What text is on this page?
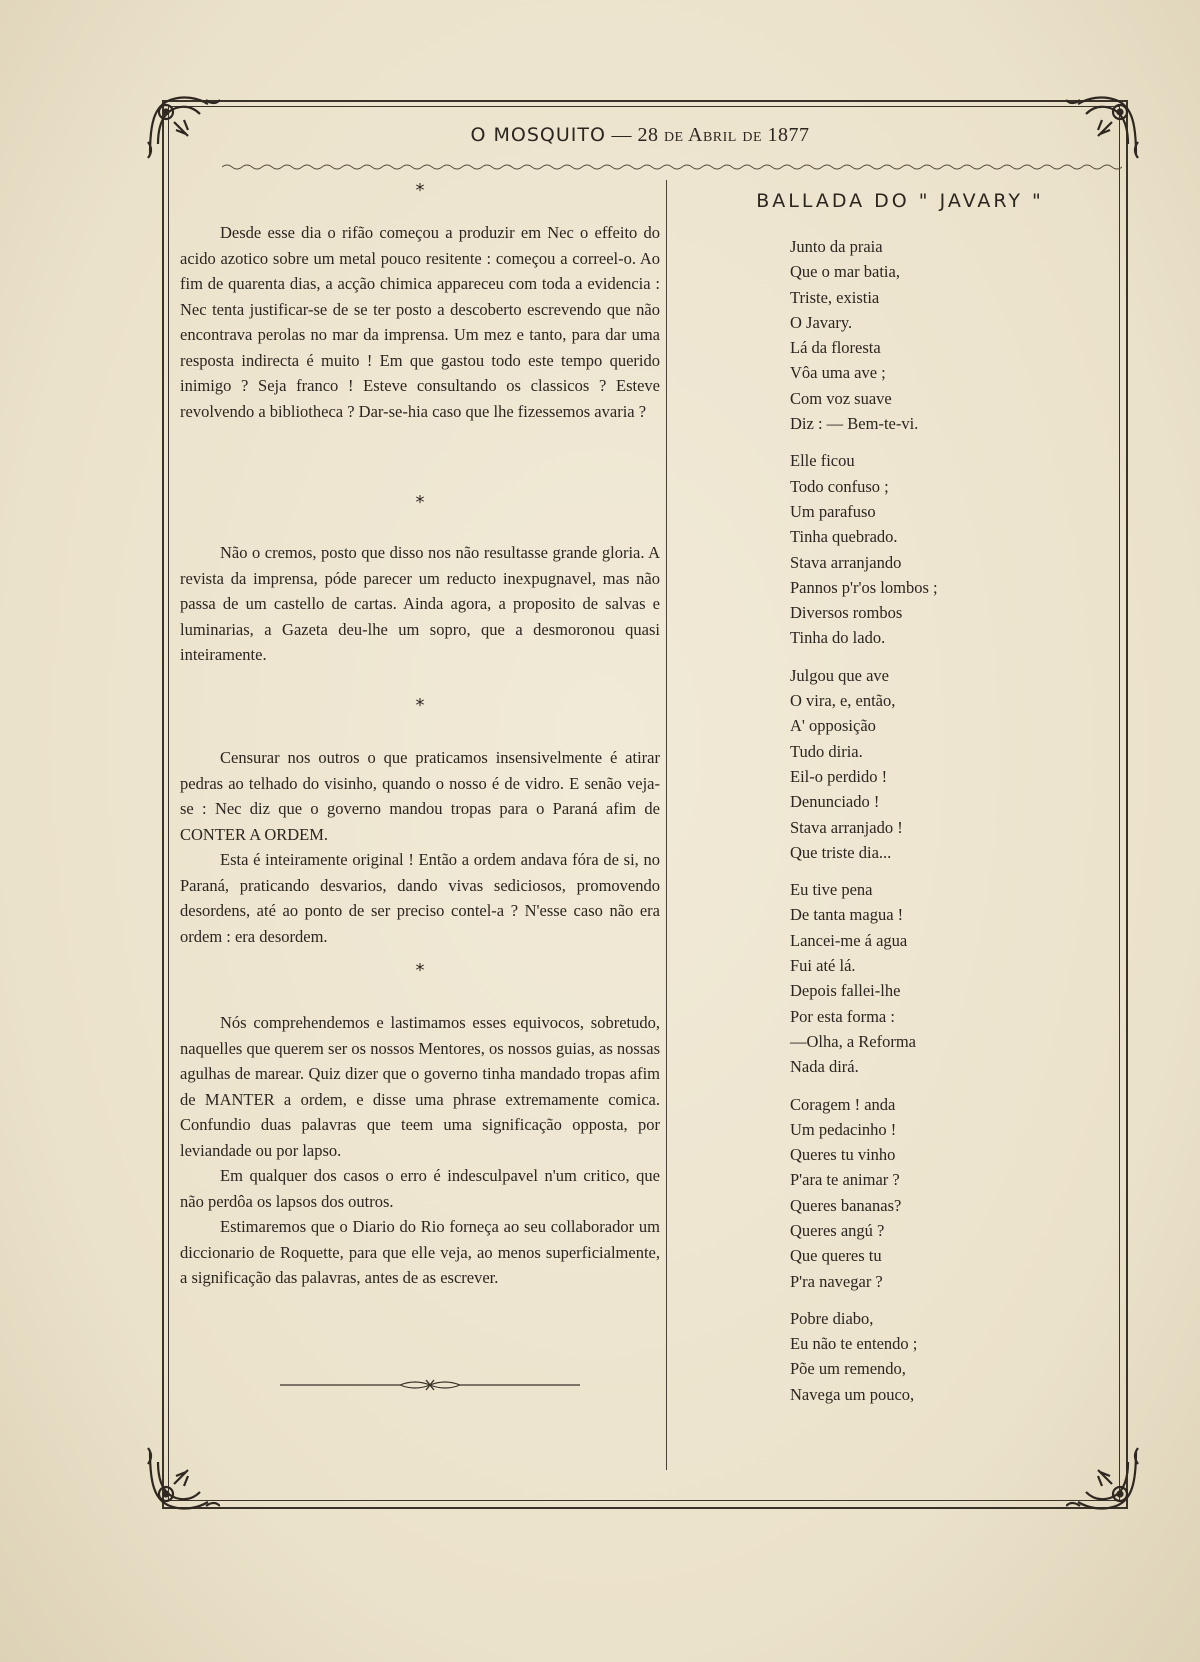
O MOSQUITO — 28 de Abril de 1877
*

Desde esse dia o rifão começou a produzir em Nec o effeito do acido azotico sobre um metal pouco resitente : começou a correel-o. Ao fim de quarenta dias, a acção chimica appareceu com toda a evidencia : Nec tenta justificar-se de se ter posto a descoberto escrevendo que não encontrava perolas no mar da imprensa. Um mez e tanto, para dar uma resposta indirecta é muito ! Em que gastou todo este tempo querido inimigo ? Seja franco ! Esteve consultando os classicos ? Esteve revolvendo a bibliotheca ? Dar-se-hia caso que lhe fizessemos avaria ?

*

Não o cremos, posto que disso nos não resultasse grande gloria. A revista da imprensa, póde parecer um reducto inexpugnavel, mas não passa de um castello de cartas. Ainda agora, a proposito de salvas e luminarias, a Gazeta deu-lhe um sopro, que a desmoronou quasi inteiramente.

*

Censurar nos outros o que praticamos insensivelmente é atirar pedras ao telhado do visinho, quando o nosso é de vidro. E senão veja-se : Nec diz que o governo mandou tropas para o Paraná afim de CONTER A ORDEM.

Esta é inteiramente original ! Então a ordem andava fóra de si, no Paraná, praticando desvarios, dando vivas sediciosos, promovendo desordens, até ao ponto de ser preciso contel-a ? N'esse caso não era ordem : era desordem.

*

Nós comprehendemos e lastimamos esses equivocos, sobretudo, naquelles que querem ser os nossos Mentores, os nossos guias, as nossas agulhas de marear. Quiz dizer que o governo tinha mandado tropas afim de MANTER a ordem, e disse uma phrase extremamente comica. Confundio duas palavras que teem uma significação opposta, por leviandade ou por lapso.

Em qualquer dos casos o erro é indesculpavel n'um critico, que não perdôa os lapsos dos outros.

Estimaremos que o Diario do Rio forneça ao seu collaborador um diccionario de Roquette, para que elle veja, ao menos superficialmente, a significação das palavras, antes de as escrever.

BALLADA DO " JAVARY "
Junto da praia
Que o mar batia,
Triste, existia
O Javary.
Lá da floresta
Vôa uma ave ;
Com voz suave
Diz : — Bem-te-vi.
Elle ficou
Todo confuso ;
Um parafuso
Tinha quebrado.
Stava arranjando
Pannos p'r'os lombos ;
Diversos rombos
Tinha do lado.
Julgou que ave
O vira, e, então,
A' opposição
Tudo diria.
Eil-o perdido !
Denunciado !
Stava arranjado !
Que triste dia...
Eu tive pena
De tanta magua !
Lancei-me á agua
Fui até lá.
Depois fallei-lhe
Por esta forma :
—Olha, a Reforma
Nada dirá.
Coragem ! anda
Um pedacinho !
Queres tu vinho
P'ara te animar ?
Queres bananas?
Queres angú ?
Que queres tu
P'ra navegar ?
Pobre diabo,
Eu não te entendo ;
Põe um remendo,
Navega um pouco,
